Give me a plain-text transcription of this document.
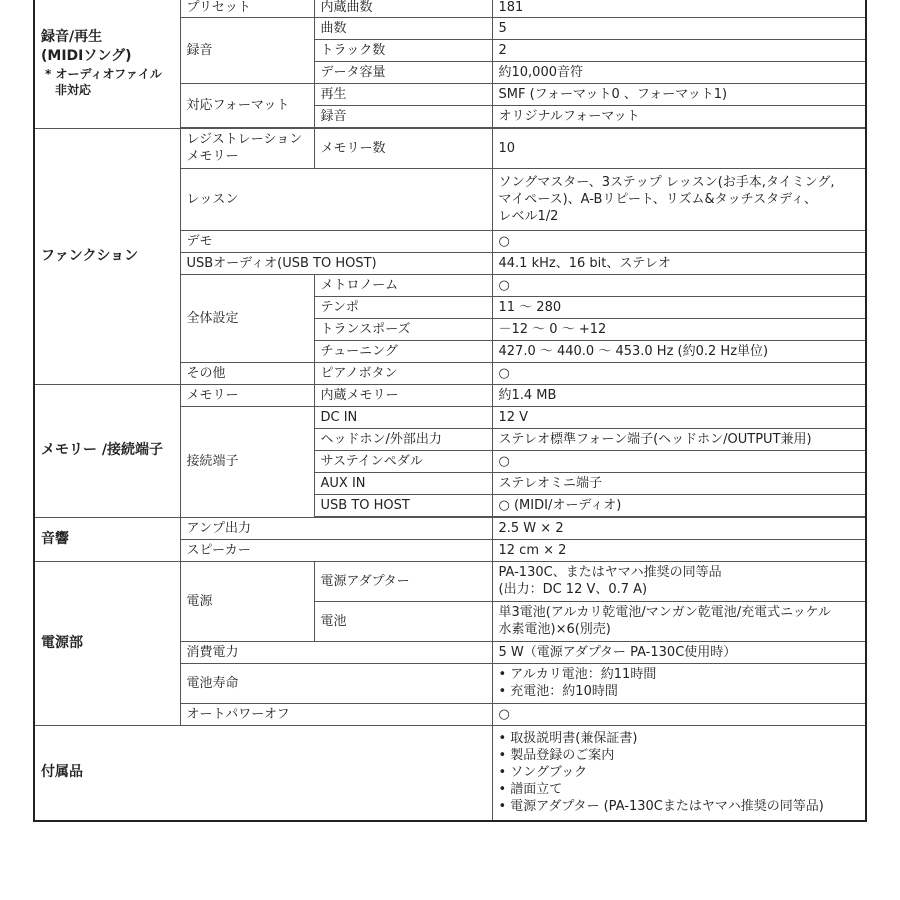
録音/再生
(MIDIソング)
* オーディオファイル
非対応	プリセット	内蔵曲数	181
	録音	曲数	5
		トラック数	2
		データ容量	約10,000音符
	対応フォーマット	再生	SMF (フォーマット0 、フォーマット1)
		録音	オリジナルフォーマット

ファンクション	レジストレーション
メモリー	メモリー数	10
	レッスン		ソングマスター、3ステップ レッスン(お手本,タイミング,
マイペース)、A-Bリピート、リズム&タッチスタディ、
レベル1/2

	デモ		○
	USBオーディオ(USB TO HOST)		44.1 kHz、16 bit、ステレオ
	全体設定	メトロノーム	○
		テンポ	11 ～ 280
		トランスポーズ	－12 ～ 0 ～ +12
		チューニング	427.0 ～ 440.0 ～ 453.0 Hz (約0.2 Hz単位)
	その他	ピアノボタン	○
メモリー /接続端子	メモリー	内蔵メモリー	約1.4 MB
	接続端子	DC IN	12 V
		ヘッドホン/外部出力	ステレオ標準フォーン端子(ヘッドホン/OUTPUT兼用)
		サステインペダル	○
		AUX IN	ステレオミニ端子
		USB TO HOST	○ (MIDI/オーディオ)

音響	アンプ出力		2.5 W × 2
	スピーカー		12 cm × 2
電源部	電源	電源アダプター	PA-130C、またはヤマハ推奨の同等品
(出力：DC 12 V、0.7 A)

		電池	単3電池(アルカリ乾電池/マンガン乾電池/充電式ニッケル
水素電池)×6(別売)

	消費電力		5 W（電源アダプター PA-130C使用時）
	電池寿命		• アルカリ電池：約11時間
• 充電池：約10時間

	オートパワーオフ		○
付属品			• 取扱説明書(兼保証書)
• 製品登録のご案内
• ソングブック
• 譜面立て
• 電源アダプター (PA-130Cまたはヤマハ推奨の同等品)
